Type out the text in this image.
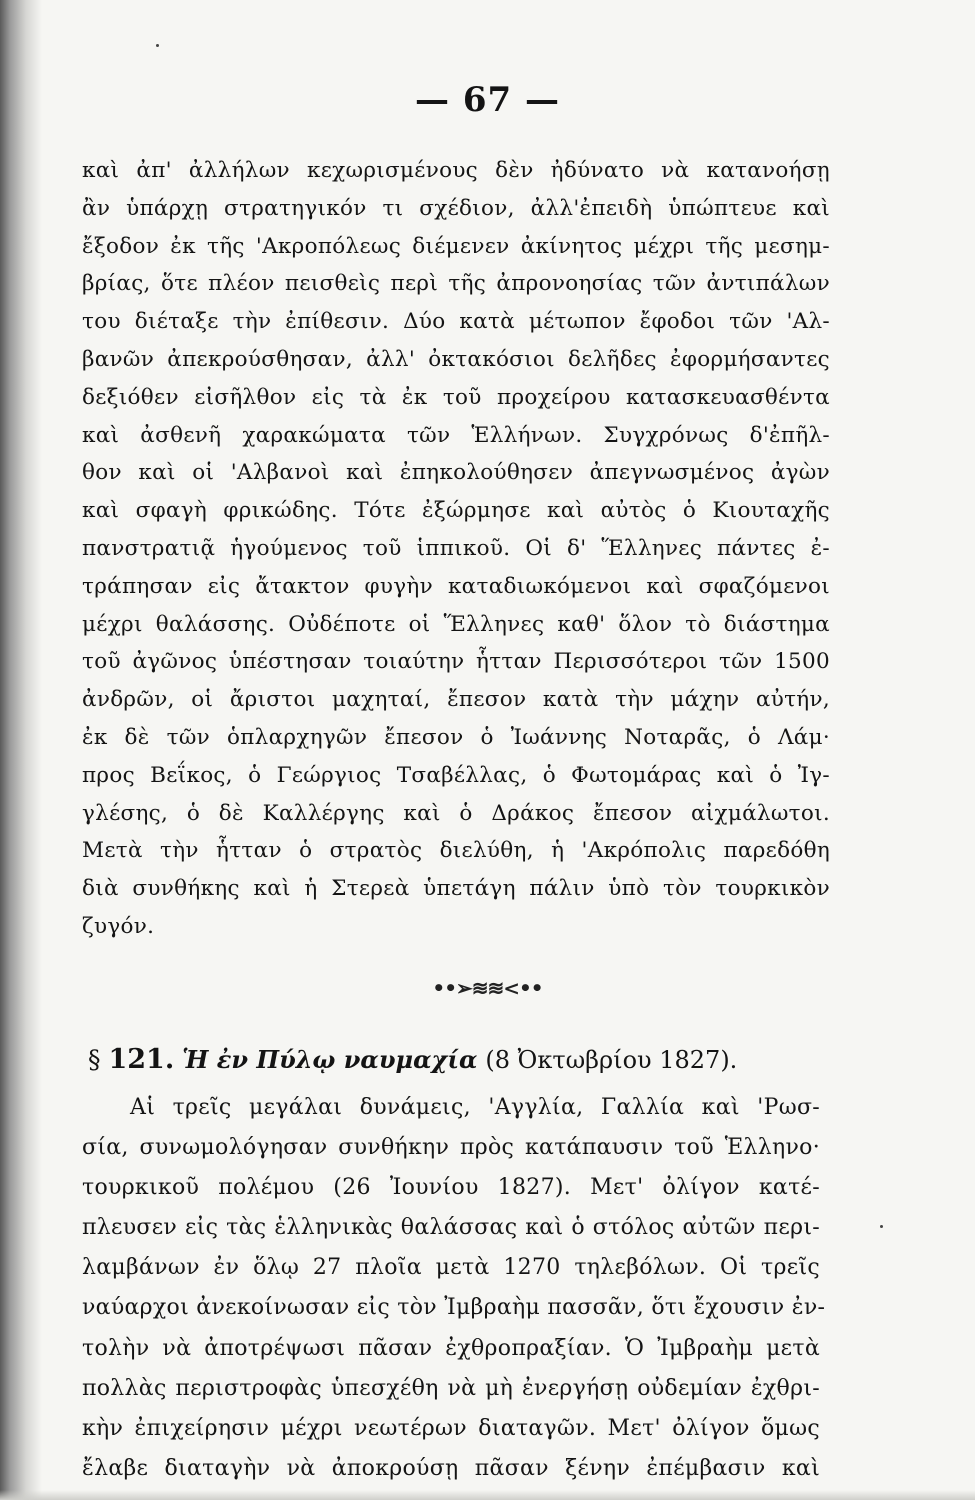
— 67 —
καὶ ἀπ' ἀλλήλων κεχωρισμένους δὲν ἠδύνατο νὰ κατανοήσῃ
ἂν ὑπάρχῃ στρατηγικόν τι σχέδιον, ἀλλ'ἐπειδὴ ὑπώπτευε καὶ
ἔξοδον ἐκ τῆς 'Ακροπόλεως διέμενεν ἀκίνητος μέχρι τῆς μεσημ-
βρίας, ὅτε πλέον πεισθεὶς περὶ τῆς ἀπρονοησίας τῶν ἀντιπάλων
του διέταξε τὴν ἐπίθεσιν. Δύο κατὰ μέτωπον ἔφοδοι τῶν 'Αλ-
βανῶν ἀπεκρούσθησαν, ἀλλ' ὀκτακόσιοι δελῆδες ἐφορμήσαντες
δεξιόθεν εἰσῆλθον εἰς τὰ ἐκ τοῦ προχείρου κατασκευασθέντα
καὶ ἀσθενῆ χαρακώματα τῶν Ἑλλήνων. Συγχρόνως δ'ἐπῆλ-
θον καὶ οἱ 'Αλβανοὶ καὶ ἐπηκολούθησεν ἀπεγνωσμένος ἀγὼν
καὶ σφαγὴ φρικώδης. Τότε ἐξώρμησε καὶ αὐτὸς ὁ Κιουταχῆς
πανστρατιᾷ ἡγούμενος τοῦ ἱππικοῦ. Οἱ δ' Ἕλληνες πάντες ἐ-
τράπησαν εἰς ἄτακτον φυγὴν καταδιωκόμενοι καὶ σφαζόμενοι
μέχρι θαλάσσης. Οὐδέποτε οἱ Ἕλληνες καθ' ὅλον τὸ διάστημα
τοῦ ἀγῶνος ὑπέστησαν τοιαύτην ἧτταν Περισσότεροι τῶν 1500
ἀνδρῶν, οἱ ἄριστοι μαχηταί, ἔπεσον κατὰ τὴν μάχην αὐτήν,
ἐκ δὲ τῶν ὁπλαρχηγῶν ἔπεσον ὁ Ἰωάννης Νοταρᾶς, ὁ Λάμ·
προς Βεΐκος, ὁ Γεώργιος Τσαβέλλας, ὁ Φωτομάρας καὶ ὁ Ἰγ-
γλέσης, ὁ δὲ Καλλέργης καὶ ὁ Δράκος ἔπεσον αἰχμάλωτοι.
Μετὰ τὴν ἧτταν ὁ στρατὸς διελύθη, ἡ 'Ακρόπολις παρεδόθη
διὰ συνθήκης καὶ ἡ Στερεὰ ὑπετάγη πάλιν ὑπὸ τὸν τουρκικὸν
ζυγόν.
••➢≋≋<••
§ 121. Ἡ ἐν Πύλῳ ναυμαχία (8 Ὀκτωβρίου 1827).
Αἱ τρεῖς μεγάλαι δυνάμεις, 'Αγγλία, Γαλλία καὶ 'Ρωσ-
σία, συνωμολόγησαν συνθήκην πρὸς κατάπαυσιν τοῦ Ἑλληνο·
τουρκικοῦ πολέμου (26 Ἰουνίου 1827). Μετ' ὀλίγον κατέ-
πλευσεν εἰς τὰς ἑλληνικὰς θαλάσσας καὶ ὁ στόλος αὐτῶν περι-
λαμβάνων ἐν ὅλῳ 27 πλοῖα μετὰ 1270 τηλεβόλων. Οἱ τρεῖς
ναύαρχοι ἀνεκοίνωσαν εἰς τὸν Ἰμβραὴμ πασσᾶν, ὅτι ἔχουσιν ἐν-
τολὴν νὰ ἀποτρέψωσι πᾶσαν ἐχθροπραξίαν. Ὁ Ἰμβραὴμ μετὰ
πολλὰς περιστροφὰς ὑπεσχέθη νὰ μὴ ἐνεργήσῃ οὐδεμίαν ἐχθρι-
κὴν ἐπιχείρησιν μέχρι νεωτέρων διαταγῶν. Μετ' ὀλίγον ὅμως
ἔλαβε διαταγὴν νὰ ἀποκρούσῃ πᾶσαν ξένην ἐπέμβασιν καὶ
